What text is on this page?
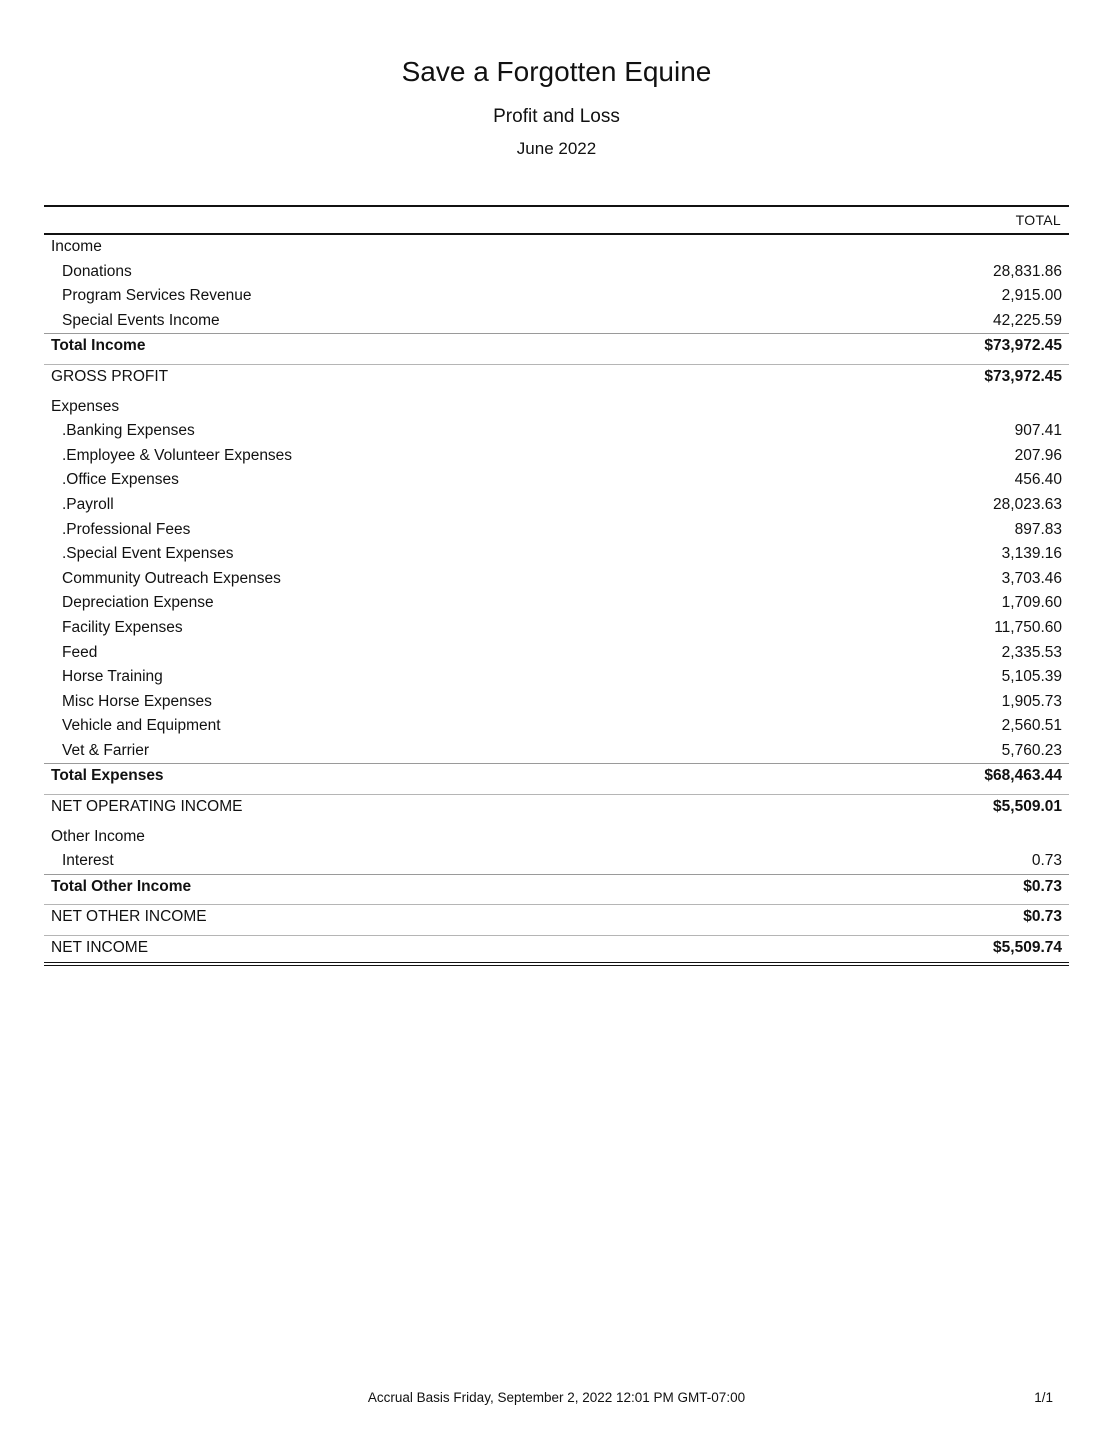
Save a Forgotten Equine
Profit and Loss
June 2022
TOTAL
Income
Donations	28,831.86
Program Services Revenue	2,915.00
Special Events Income	42,225.59
Total Income	$73,972.45
GROSS PROFIT	$73,972.45
Expenses
.Banking Expenses	907.41
.Employee & Volunteer Expenses	207.96
.Office Expenses	456.40
.Payroll	28,023.63
.Professional Fees	897.83
.Special Event Expenses	3,139.16
Community Outreach Expenses	3,703.46
Depreciation Expense	1,709.60
Facility Expenses	11,750.60
Feed	2,335.53
Horse Training	5,105.39
Misc Horse Expenses	1,905.73
Vehicle and Equipment	2,560.51
Vet & Farrier	5,760.23
Total Expenses	$68,463.44
NET OPERATING INCOME	$5,509.01
Other Income
Interest	0.73
Total Other Income	$0.73
NET OTHER INCOME	$0.73
NET INCOME	$5,509.74
Accrual Basis Friday, September 2, 2022 12:01 PM GMT-07:00	1/1
